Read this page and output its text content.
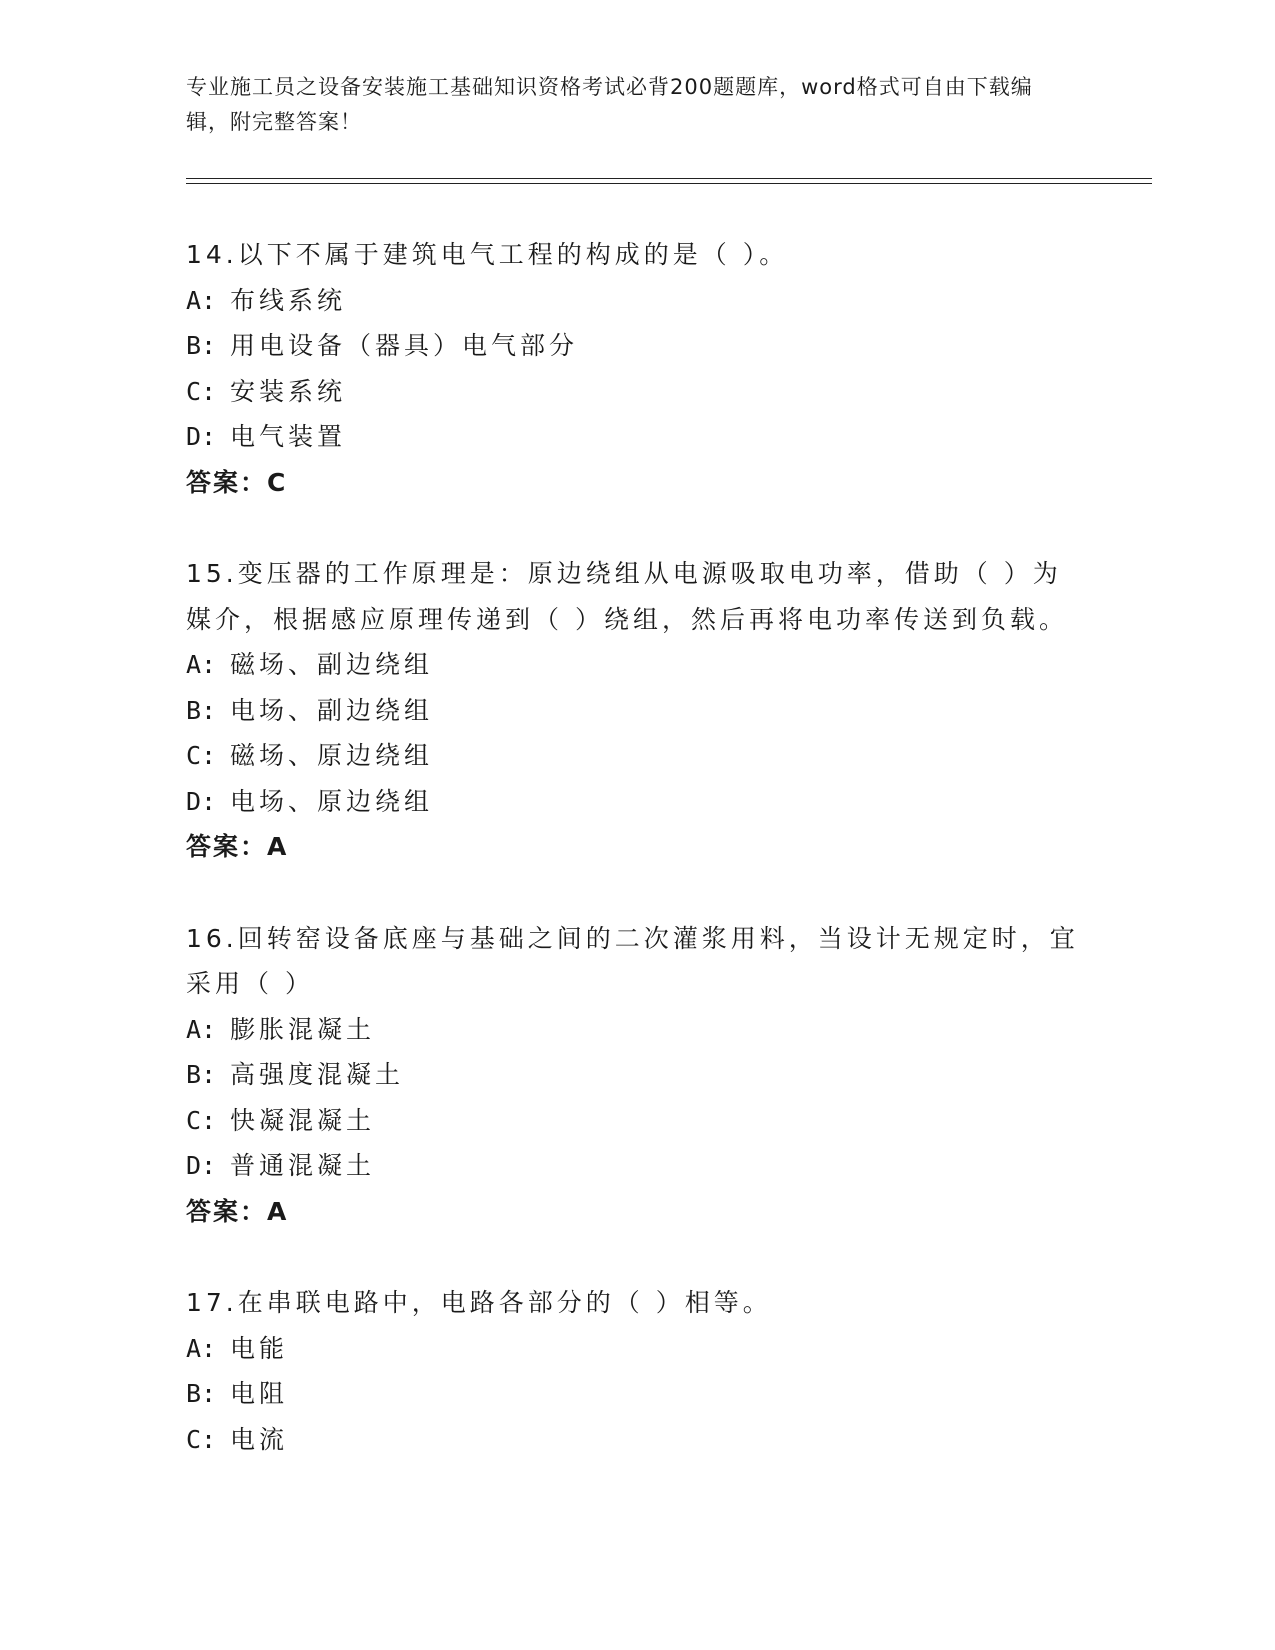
专业施工员之设备安装施工基础知识资格考试必背200题题库，word格式可自由下载编辑，附完整答案！

14.以下不属于建筑电气工程的构成的是（ ）。

A: 布线系统
B: 用电设备（器具）电气部分
C: 安装系统
D: 电气装置
答案：C

15.变压器的工作原理是：原边绕组从电源吸取电功率，借助（ ）为媒介，根据感应原理传递到（ ）绕组，然后再将电功率传送到负载。

A: 磁场、副边绕组
B: 电场、副边绕组
C: 磁场、原边绕组
D: 电场、原边绕组
答案：A

16.回转窑设备底座与基础之间的二次灌浆用料，当设计无规定时，宜采用（ ）

A: 膨胀混凝土
B: 高强度混凝土
C: 快凝混凝土
D: 普通混凝土
答案：A

17.在串联电路中，电路各部分的（ ）相等。

A: 电能
B: 电阻
C: 电流
